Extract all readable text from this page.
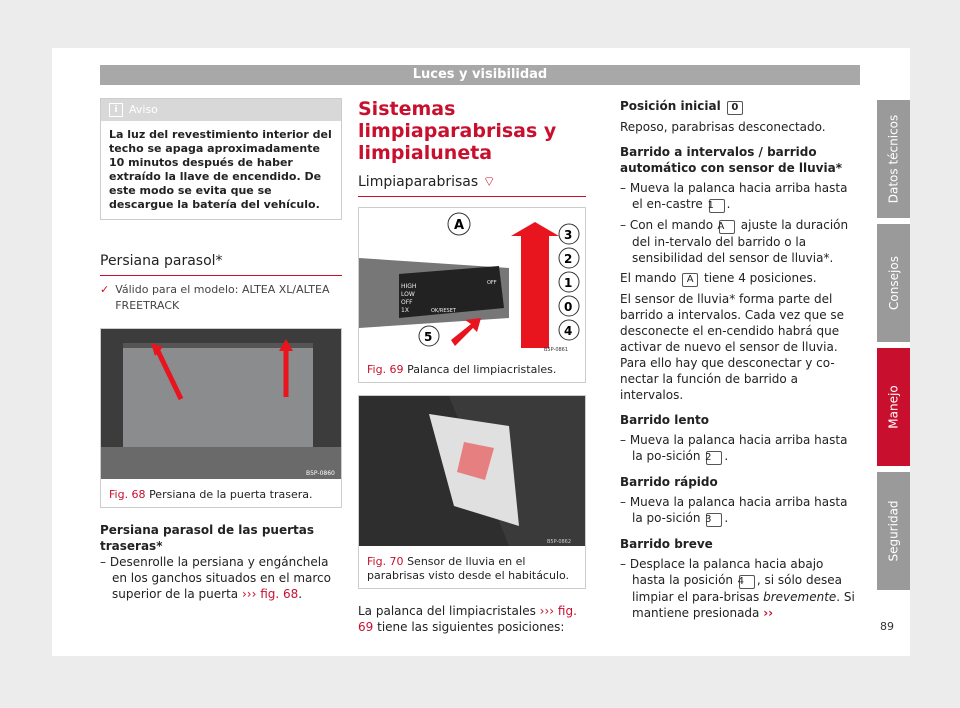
Luces y visibilidad
Datos técnicos
Consejos
Manejo
Seguridad
89
i	Aviso
La luz del revestimiento interior del techo se apaga aproximadamente 10 minutos después de haber extraído la llave de encendido. De este modo se evita que se descargue la batería del vehículo.
Persiana parasol*
✓ Válido para el modelo: ALTEA XL/ALTEA FREETRACK
B5P-0860
Fig. 68 Persiana de la puerta trasera.

Persiana parasol de las puertas traseras*

– Desenrolle la persiana y engánchela en los ganchos situados en el marco superior de la puerta ››› fig. 68.

Sistemas limpiaparabrisas y limpialuneta
Limpiaparabrisas ⌔
HIGH
LOW
OFF
1X	OK/RESET
OFF
A
3
2
1
0
4
5
B5P-0861
Fig. 69 Palanca del limpiacristales.
B5P-0862
Fig. 70 Sensor de lluvia en el parabrisas visto desde el habitáculo.

La palanca del limpiacristales ››› fig. 69 tiene las siguientes posiciones:

Posición inicial 0

Reposo, parabrisas desconectado.

Barrido a intervalos / barrido automático con sensor de lluvia*

– Mueva la palanca hacia arriba hasta el en-castre 1 .

– Con el mando A ajuste la duración del in-tervalo del barrido o la sensibilidad del sensor de lluvia*.

El mando A tiene 4 posiciones.

El sensor de lluvia* forma parte del barrido a intervalos. Cada vez que se desconecte el en-cendido habrá que activar de nuevo el sensor de lluvia. Para ello hay que desconectar y co-nectar la función de barrido a intervalos.

Barrido lento

– Mueva la palanca hacia arriba hasta la po-sición 2 .

Barrido rápido

– Mueva la palanca hacia arriba hasta la po-sición 3 .

Barrido breve

– Desplace la palanca hacia abajo hasta la posición 4 , si sólo desea limpiar el para-brisas brevemente. Si mantiene presionada ››
